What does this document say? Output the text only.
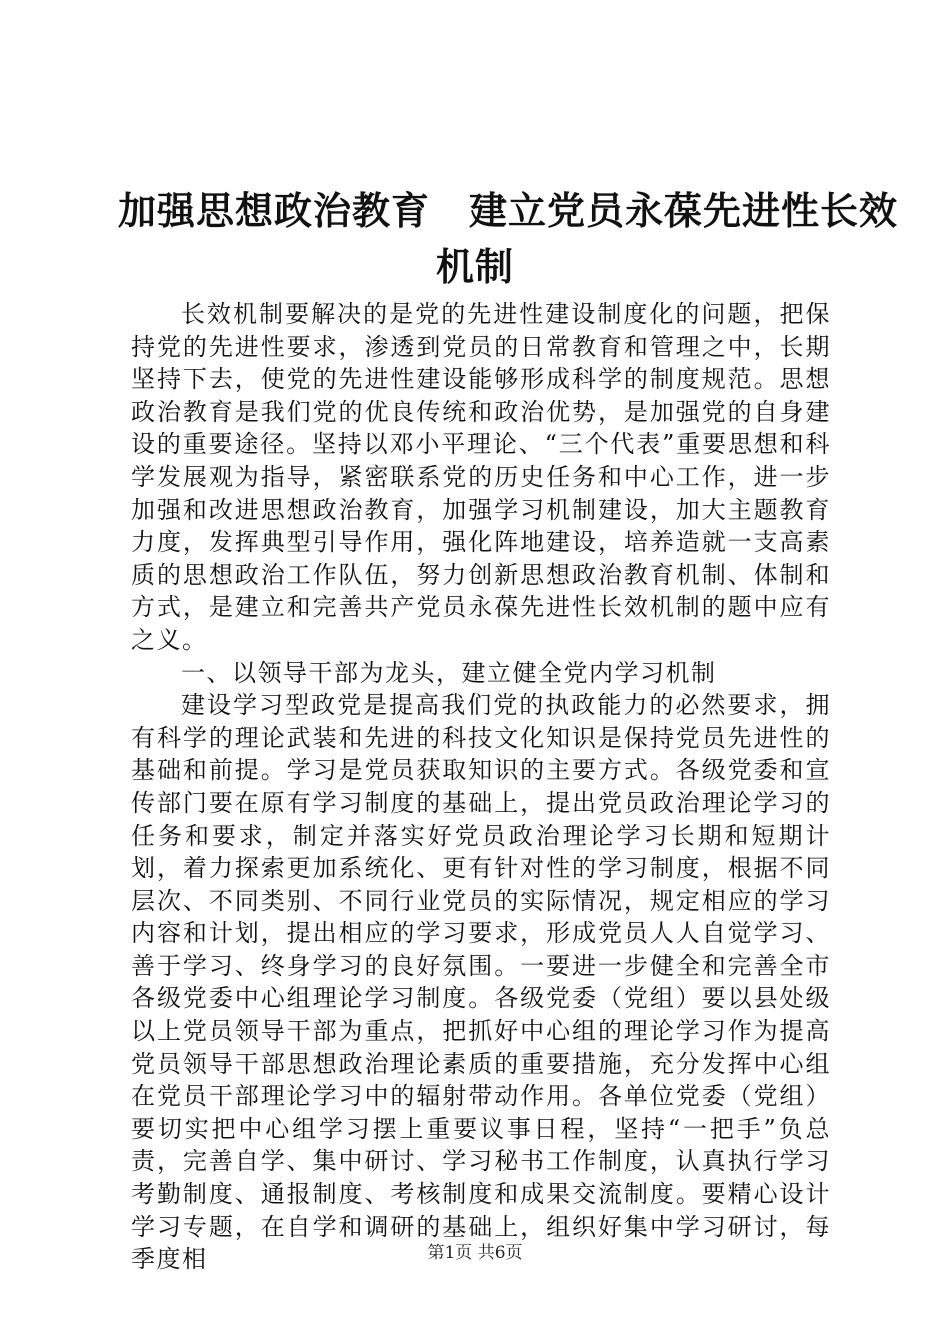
加强思想政治教育　建立党员永葆先进性长效
机制

长效机制要解决的是党的先进性建设制度化的问题，把保持党的先进性要求，渗透到党员的日常教育和管理之中，长期坚持下去，使党的先进性建设能够形成科学的制度规范。思想政治教育是我们党的优良传统和政治优势，是加强党的自身建设的重要途径。坚持以邓小平理论、“三个代表”重要思想和科学发展观为指导，紧密联系党的历史任务和中心工作，进一步加强和改进思想政治教育，加强学习机制建设，加大主题教育力度，发挥典型引导作用，强化阵地建设，培养造就一支高素质的思想政治工作队伍，努力创新思想政治教育机制、体制和方式，是建立和完善共产党员永葆先进性长效机制的题中应有之义。

一、以领导干部为龙头，建立健全党内学习机制

建设学习型政党是提高我们党的执政能力的必然要求，拥有科学的理论武装和先进的科技文化知识是保持党员先进性的基础和前提。学习是党员获取知识的主要方式。各级党委和宣传部门要在原有学习制度的基础上，提出党员政治理论学习的任务和要求，制定并落实好党员政治理论学习长期和短期计划，着力探索更加系统化、更有针对性的学习制度，根据不同层次、不同类别、不同行业党员的实际情况，规定相应的学习内容和计划，提出相应的学习要求，形成党员人人自觉学习、善于学习、终身学习的良好氛围。一要进一步健全和完善全市各级党委中心组理论学习制度。各级党委（党组）要以县处级以上党员领导干部为重点，把抓好中心组的理论学习作为提高党员领导干部思想政治理论素质的重要措施，充分发挥中心组在党员干部理论学习中的辐射带动作用。各单位党委（党组）要切实把中心组学习摆上重要议事日程，坚持“一把手”负总责，完善自学、集中研讨、学习秘书工作制度，认真执行学习考勤制度、通报制度、考核制度和成果交流制度。要精心设计学习专题，在自学和调研的基础上，组织好集中学习研讨，每季度相	第1页 共6页
